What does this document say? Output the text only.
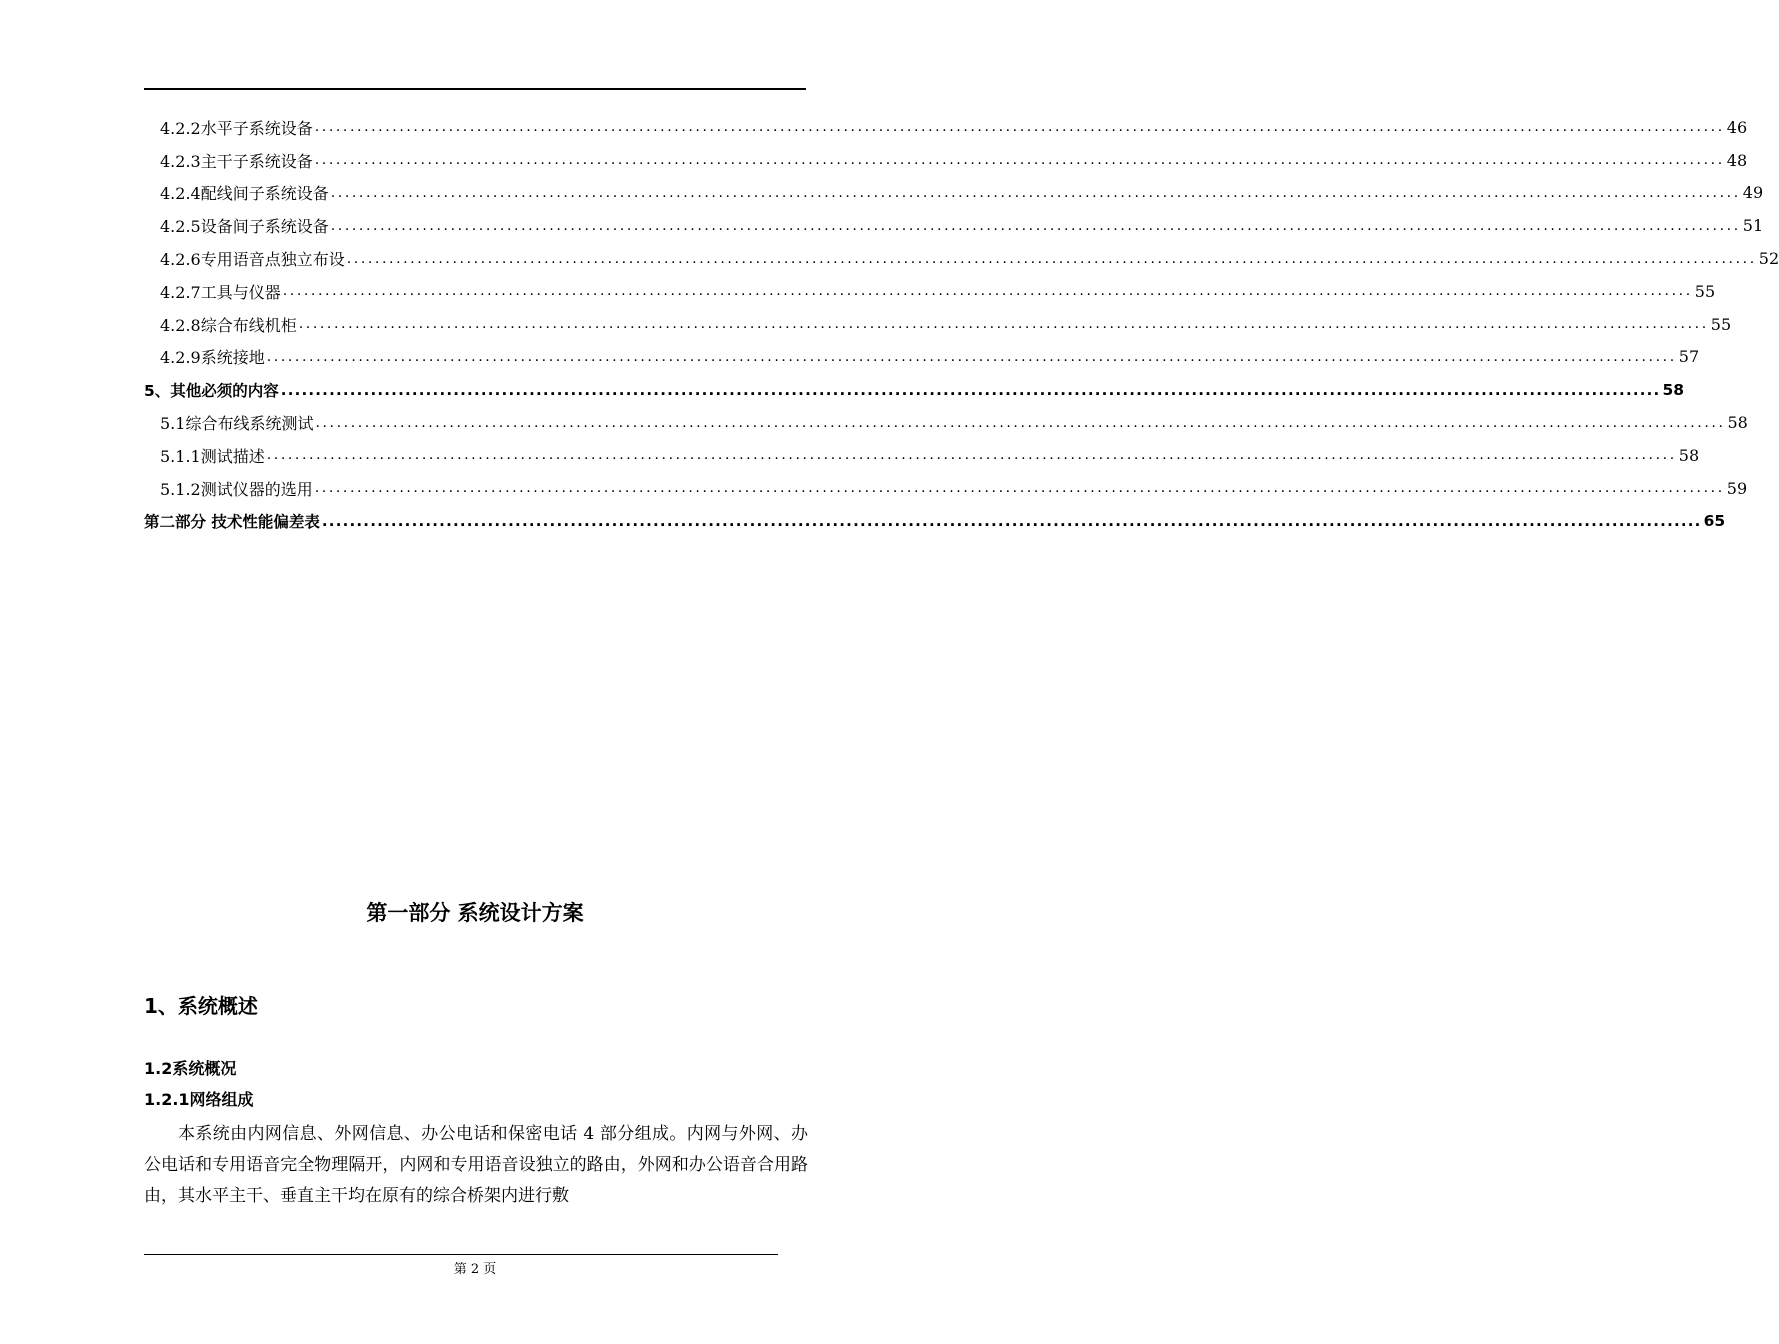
4.2.2水平子系统设备 ........................................................................................................................................................................................................ 46
4.2.3主干子系统设备 ........................................................................................................................................................................................................ 48
4.2.4配线间子系统设备 ........................................................................................................................................................................................................ 49
4.2.5设备间子系统设备 ........................................................................................................................................................................................................ 51
4.2.6专用语音点独立布设 ........................................................................................................................................................................................................ 52
4.2.7工具与仪器 ........................................................................................................................................................................................................ 55
4.2.8综合布线机柜 ........................................................................................................................................................................................................ 55
4.2.9系统接地 ........................................................................................................................................................................................................ 57
5、其他必须的内容 ........................................................................................................................................................................................................ 58
5.1综合布线系统测试 ........................................................................................................................................................................................................ 58
5.1.1测试描述 ........................................................................................................................................................................................................ 58
5.1.2测试仪器的选用 ........................................................................................................................................................................................................ 59
第二部分 技术性能偏差表 ........................................................................................................................................................................................................ 65
第一部分 系统设计方案
1、系统概述
1.2系统概况
1.2.1网络组成
本系统由内网信息、外网信息、办公电话和保密电话 4 部分组成。内网与外网、办公电话和专用语音完全物理隔开，内网和专用语音设独立的路由，外网和办公语音合用路由，其水平主干、垂直主干均在原有的综合桥架内进行敷
第 2 页
